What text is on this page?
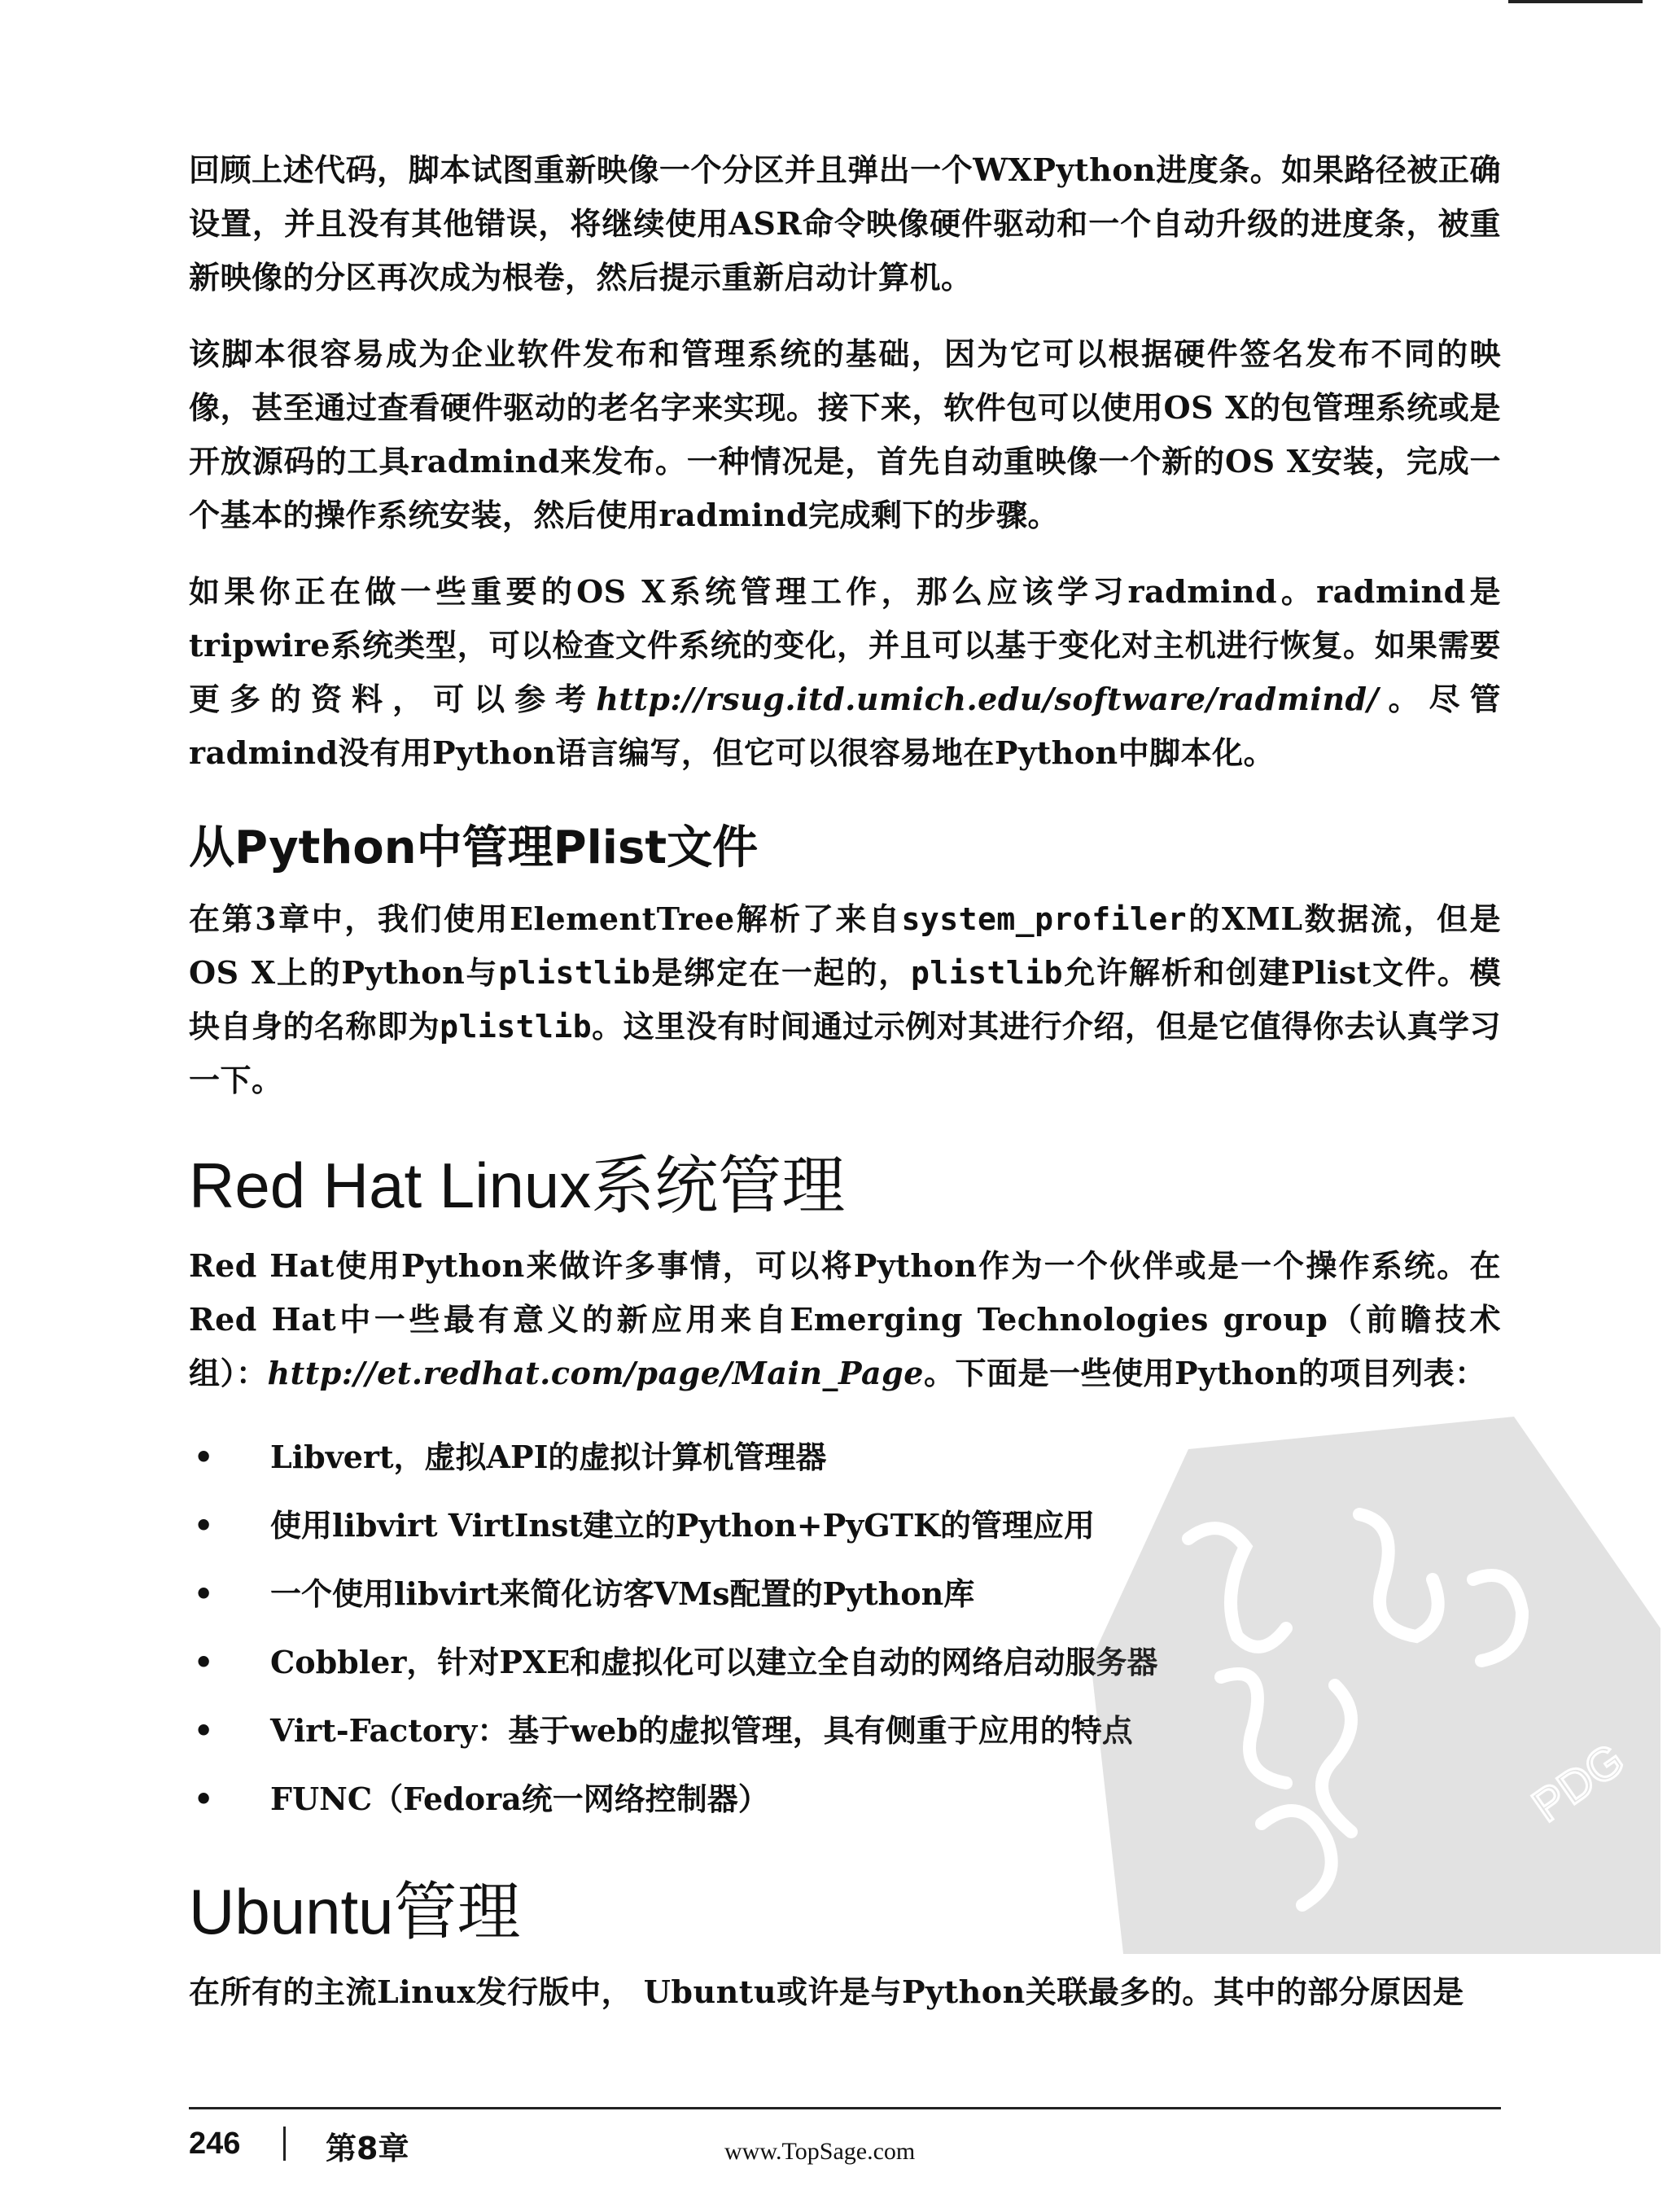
回顾上述代码，脚本试图重新映像一个分区并且弹出一个WXPython进度条。如果路径被正确设置，并且没有其他错误，将继续使用ASR命令映像硬件驱动和一个自动升级的进度条，被重新映像的分区再次成为根卷，然后提示重新启动计算机。

该脚本很容易成为企业软件发布和管理系统的基础，因为它可以根据硬件签名发布不同的映像，甚至通过查看硬件驱动的老名字来实现。接下来，软件包可以使用OS X的包管理系统或是开放源码的工具radmind来发布。一种情况是，首先自动重映像一个新的OS X安装，完成一个基本的操作系统安装，然后使用radmind完成剩下的步骤。

如果你正在做一些重要的OS X系统管理工作，那么应该学习radmind。radmind是tripwire系统类型，可以检查文件系统的变化，并且可以基于变化对主机进行恢复。如果需要更多的资料，可以参考http://rsug.itd.umich.edu/software/radmind/。尽管radmind没有用Python语言编写，但它可以很容易地在Python中脚本化。

从Python中管理Plist文件

在第3章中，我们使用ElementTree解析了来自system_profiler的XML数据流，但是OS X上的Python与plistlib是绑定在一起的，plistlib允许解析和创建Plist文件。模块自身的名称即为plistlib。这里没有时间通过示例对其进行介绍，但是它值得你去认真学习一下。

Red Hat Linux系统管理

Red Hat使用Python来做许多事情，可以将Python作为一个伙伴或是一个操作系统。在Red Hat中一些最有意义的新应用来自Emerging Technologies group（前瞻技术组）：http://et.redhat.com/page/Main_Page。下面是一些使用Python的项目列表：

• Libvert，虚拟API的虚拟计算机管理器
• 使用libvirt VirtInst建立的Python+PyGTK的管理应用
• 一个使用libvirt来简化访客VMs配置的Python库
• Cobbler，针对PXE和虚拟化可以建立全自动的网络启动服务器
• Virt-Factory：基于web的虚拟管理，具有侧重于应用的特点
• FUNC（Fedora统一网络控制器）
Ubuntu管理

在所有的主流Linux发行版中， Ubuntu或许是与Python关联最多的。其中的部分原因是

PDG
246	第8章	www.TopSage.com
